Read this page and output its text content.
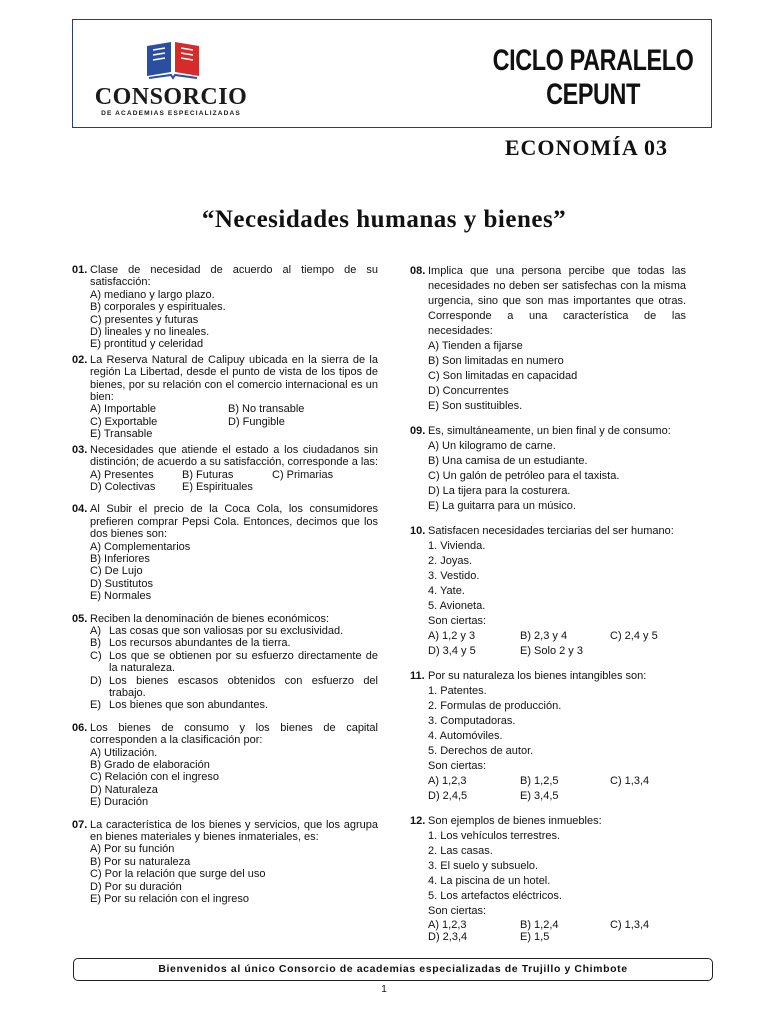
CONSORCIO
DE ACADEMIAS ESPECIALIZADAS
CICLO PARALELO
CEPUNT
ECONOMÍA 03
“Necesidades humanas y bienes”
01. Clase de necesidad de acuerdo al tiempo de su satisfacción:
A) mediano y largo plazo.
B) corporales y espirituales.
C) presentes y futuras
D) lineales y no lineales.
E) prontitud y celeridad
02. La Reserva Natural de Calipuy ubicada en la sierra de la región La Libertad, desde el punto de vista de los tipos de bienes, por su relación con el comercio internacional es un bien:
A) Importable	B) No transable
C) Exportable	D) Fungible
E) Transable
03. Necesidades que atiende el estado a los ciudadanos sin distinción; de acuerdo a su satisfacción, corresponde a las:
A) Presentes	B) Futuras	C) Primarias
D) Colectivas	E) Espirituales
04. Al Subir el precio de la Coca Cola, los consumidores prefieren comprar Pepsi Cola. Entonces, decimos que los dos bienes son:
A) Complementarios
B) Inferiores
C) De Lujo
D) Sustitutos
E) Normales
05. Reciben la denominación de bienes económicos:
A) Las cosas que son valiosas por su exclusividad.
B) Los recursos abundantes de la tierra.
C) Los que se obtienen por su esfuerzo directamente de la naturaleza.
D) Los bienes escasos obtenidos con esfuerzo del trabajo.
E) Los bienes que son abundantes.
06. Los bienes de consumo y los bienes de capital corresponden a la clasificación por:
A) Utilización.
B) Grado de elaboración
C) Relación con el ingreso
D) Naturaleza
E) Duración
07. La característica de los bienes y servicios, que los agrupa en bienes materiales y bienes inmateriales, es:
A) Por su función
B) Por su naturaleza
C) Por la relación que surge del uso
D) Por su duración
E) Por su relación con el ingreso
08. Implica que una persona percibe que todas las necesidades no deben ser satisfechas con la misma urgencia, sino que son mas importantes que otras. Corresponde a una característica de las necesidades:
A) Tienden a fijarse
B) Son limitadas en numero
C) Son limitadas en capacidad
D) Concurrentes
E) Son sustituibles.
09. Es, simultáneamente, un bien final y de consumo:
A) Un kilogramo de carne.
B) Una camisa de un estudiante.
C) Un galón de petróleo para el taxista.
D) La tijera para la costurera.
E) La guitarra para un músico.
10. Satisfacen necesidades terciarias del ser humano:
1. Vivienda.
2. Joyas.
3. Vestido.
4. Yate.
5. Avioneta.
Son ciertas:
A) 1,2 y 3	B) 2,3 y 4	C) 2,4 y 5
D) 3,4 y 5	E) Solo 2 y 3
11. Por su naturaleza los bienes intangibles son:
1. Patentes.
2. Formulas de producción.
3. Computadoras.
4. Automóviles.
5. Derechos de autor.
Son ciertas:
A) 1,2,3	B) 1,2,5	C) 1,3,4
D) 2,4,5	E) 3,4,5
12. Son ejemplos de bienes inmuebles:
1. Los vehículos terrestres.
2. Las casas.
3. El suelo y subsuelo.
4. La piscina de un hotel.
5. Los artefactos eléctricos.
Son ciertas:
A) 1,2,3	B) 1,2,4	C) 1,3,4
D) 2,3,4	E) 1,5
Bienvenidos al único Consorcio de academias especializadas de Trujillo y Chimbote
1
